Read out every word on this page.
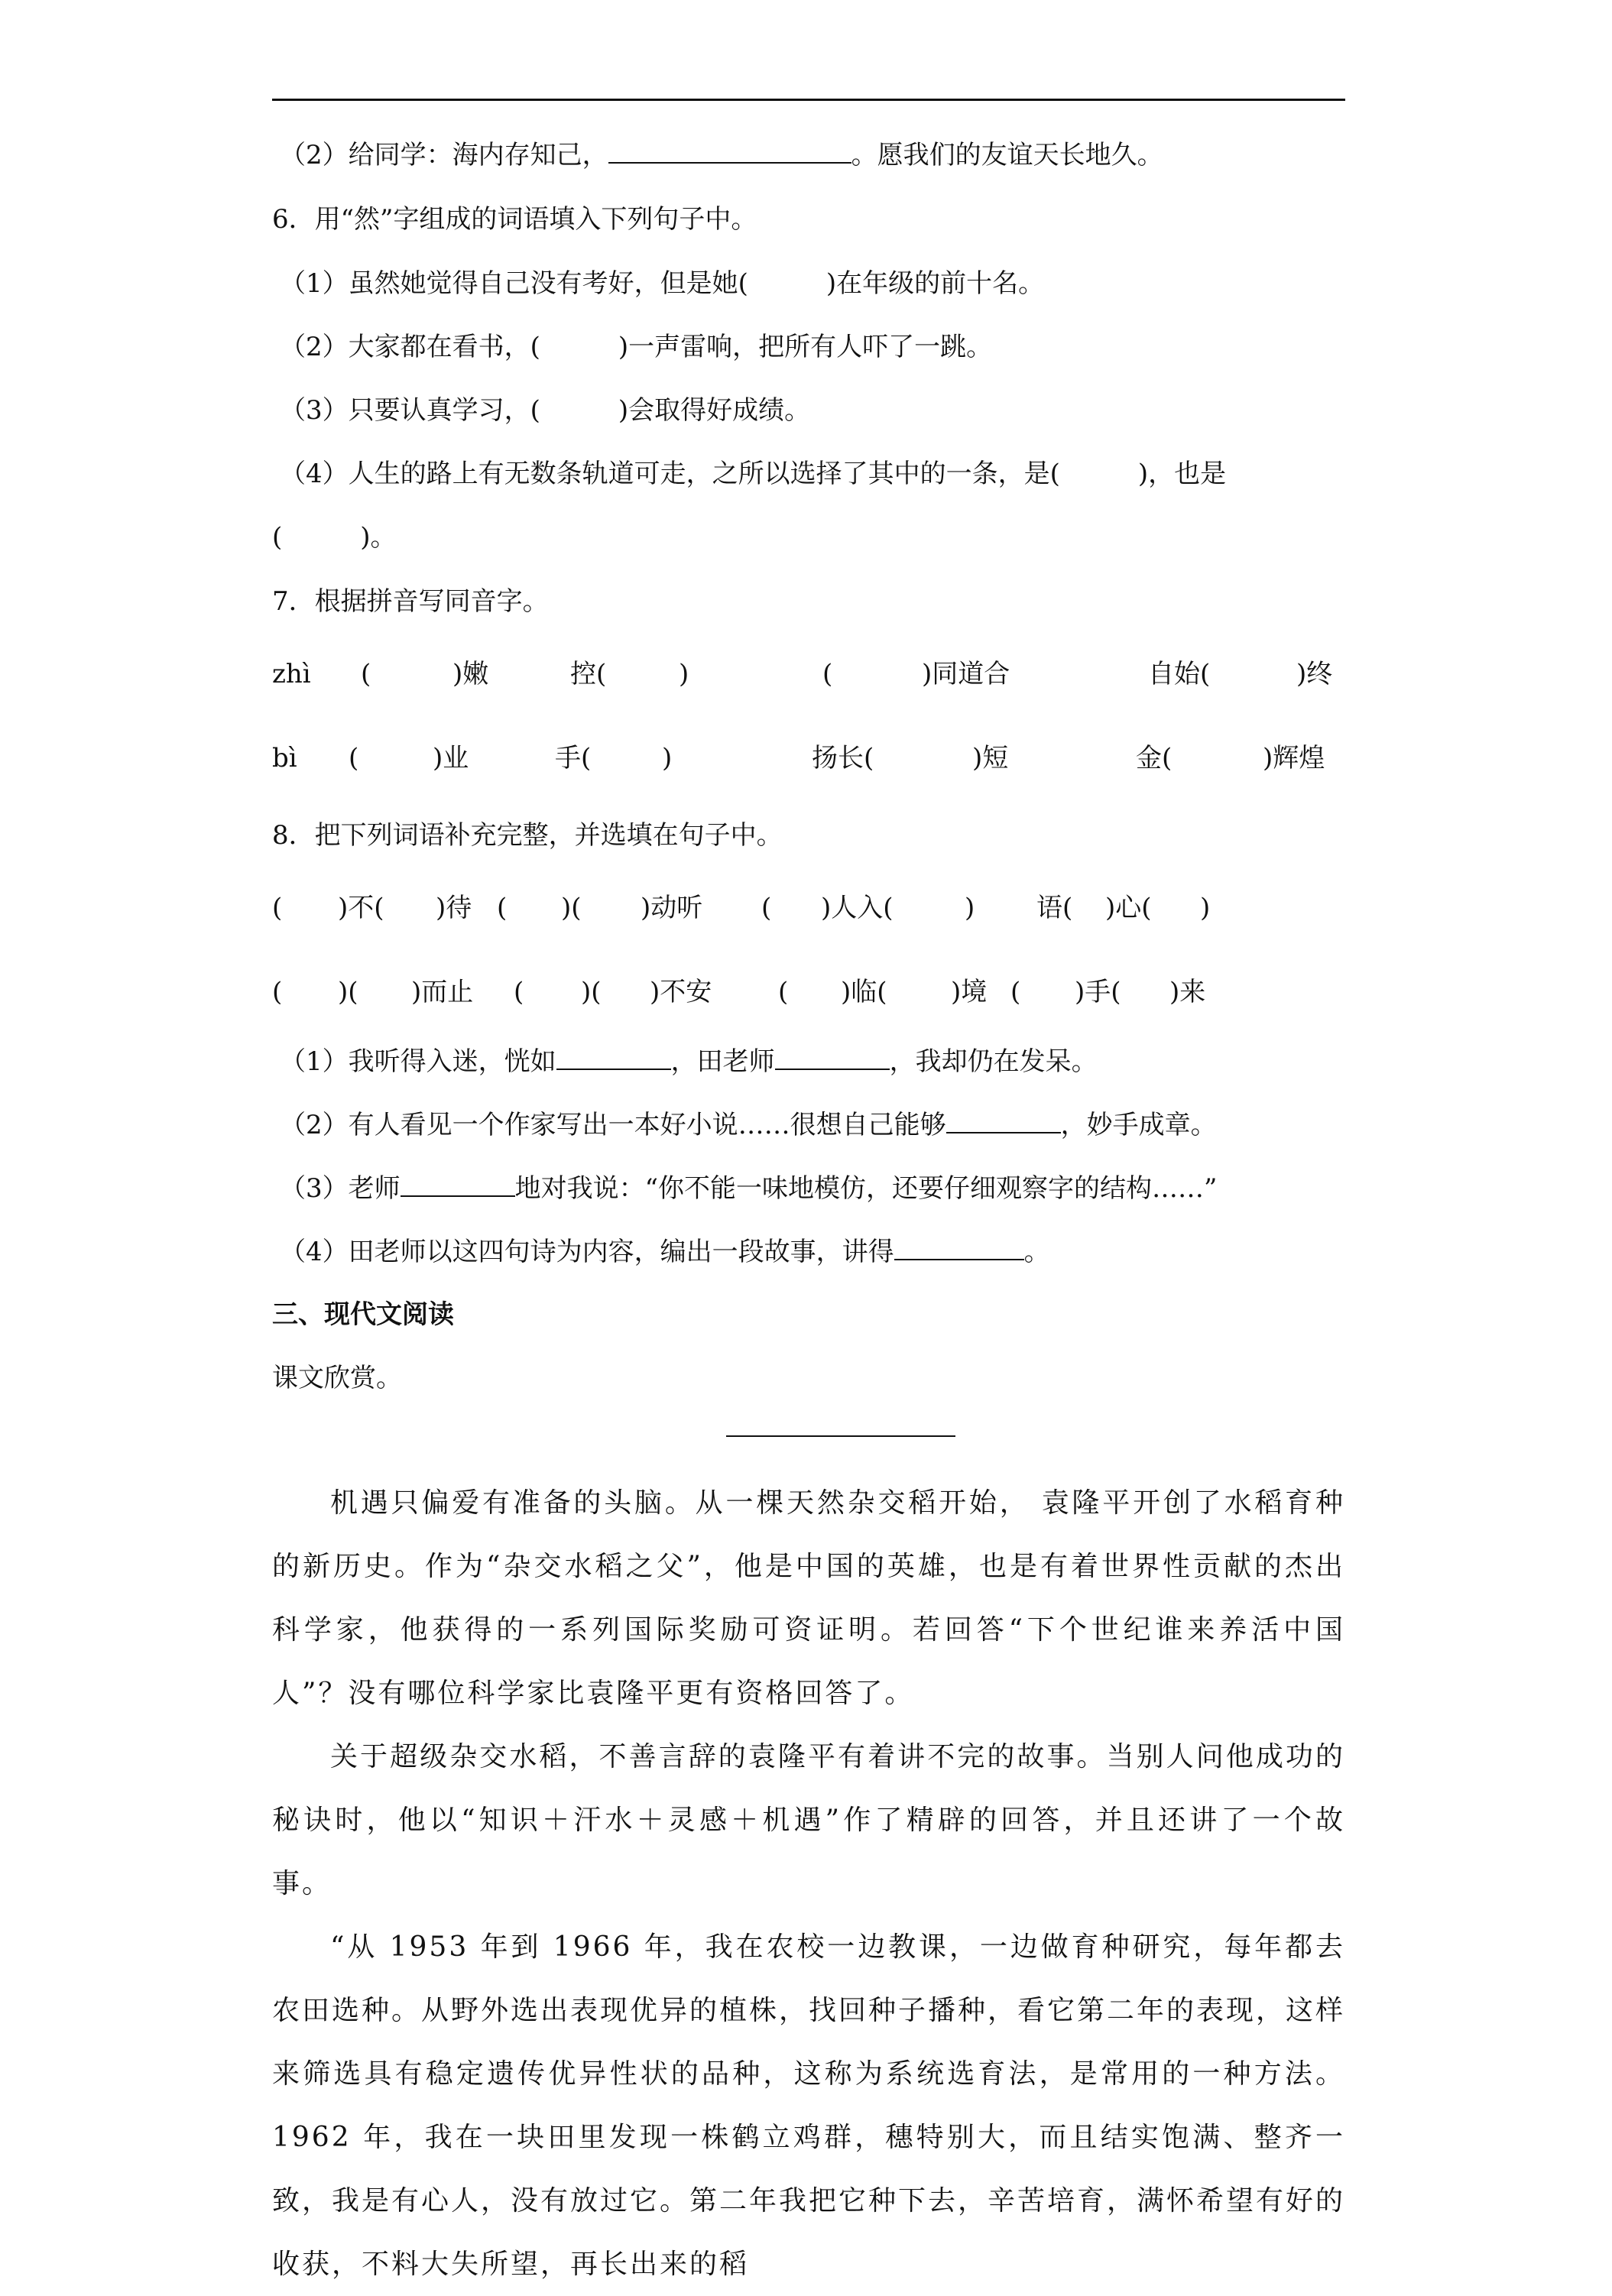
（2）给同学：海内存知己，	。愿我们的友谊天长地久。
6．用“然”字组成的词语填入下列句子中。
（1）虽然她觉得自己没有考好，但是她(　　　)在年级的前十名。
（2）大家都在看书，(　　　)一声雷响，把所有人吓了一跳。
（3）只要认真学习，(　　　)会取得好成绩。
（4）人生的路上有无数条轨道可走，之所以选择了其中的一条，是(　　　)，也是
(　　　)。
7．根据拼音写同音字。
zhì (	)嫩	控(	)	(	)同道合	自始(	)终
bì (	)业	手(	)	扬长(	)短	金(	)辉煌
8．把下列词语补充完整，并选填在句子中。
( )不( )待 ( )( )动听 ( )人入(	) 语( )心( )
( )( )而止 ( )( )不安	( )临( )境 ( )手( )来
（1）我听得入迷，恍如	，田老师	，我却仍在发呆。
（2）有人看见一个作家写出一本好小说……很想自己能够	，妙手成章。
（3）老师	地对我说：“你不能一味地模仿，还要仔细观察字的结构……”
（4）田老师以这四句诗为内容，编出一段故事，讲得	。
三、现代文阅读
课文欣赏。

机遇只偏爱有准备的头脑。从一棵天然杂交稻开始， 袁隆平开创了水稻育种的新历史。作为“杂交水稻之父”，他是中国的英雄，也是有着世界性贡献的杰出科学家，他获得的一系列国际奖励可资证明。若回答“下个世纪谁来养活中国人”？没有哪位科学家比袁隆平更有资格回答了。

关于超级杂交水稻，不善言辞的袁隆平有着讲不完的故事。当别人问他成功的秘诀时，他以“知识＋汗水＋灵感＋机遇”作了精辟的回答，并且还讲了一个故事。

“从 1953 年到 1966 年，我在农校一边教课，一边做育种研究，每年都去农田选种。从野外选出表现优异的植株，找回种子播种，看它第二年的表现，这样来筛选具有稳定遗传优异性状的品种，这称为系统选育法，是常用的一种方法。1962 年，我在一块田里发现一株鹤立鸡群，穗特别大，而且结实饱满、整齐一致，我是有心人，没有放过它。第二年我把它种下去，辛苦培育，满怀希望有好的收获，不料大失所望，再长出来的稻
